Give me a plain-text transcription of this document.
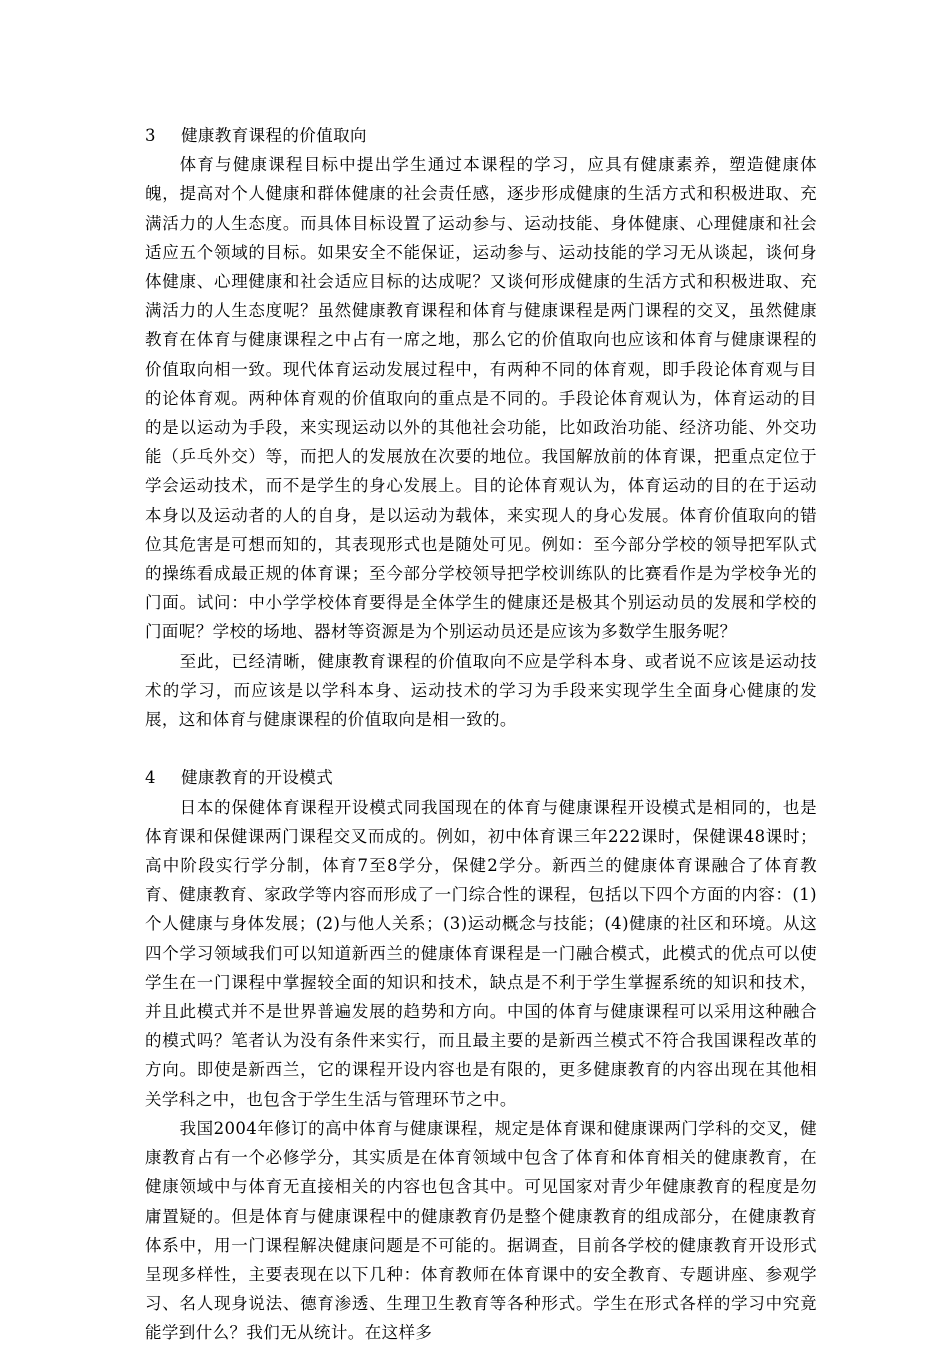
3 健康教育课程的价值取向

体育与健康课程目标中提出学生通过本课程的学习，应具有健康素养，塑造健康体魄，提高对个人健康和群体健康的社会责任感，逐步形成健康的生活方式和积极进取、充满活力的人生态度。而具体目标设置了运动参与、运动技能、身体健康、心理健康和社会适应五个领域的目标。如果安全不能保证，运动参与、运动技能的学习无从谈起，谈何身体健康、心理健康和社会适应目标的达成呢？又谈何形成健康的生活方式和积极进取、充满活力的人生态度呢？虽然健康教育课程和体育与健康课程是两门课程的交叉，虽然健康教育在体育与健康课程之中占有一席之地，那么它的价值取向也应该和体育与健康课程的价值取向相一致。现代体育运动发展过程中，有两种不同的体育观，即手段论体育观与目的论体育观。两种体育观的价值取向的重点是不同的。手段论体育观认为，体育运动的目的是以运动为手段，来实现运动以外的其他社会功能，比如政治功能、经济功能、外交功能（乒乓外交）等，而把人的发展放在次要的地位。我国解放前的体育课，把重点定位于学会运动技术，而不是学生的身心发展上。目的论体育观认为，体育运动的目的在于运动本身以及运动者的人的自身，是以运动为载体，来实现人的身心发展。体育价值取向的错位其危害是可想而知的，其表现形式也是随处可见。例如：至今部分学校的领导把军队式的操练看成最正规的体育课；至今部分学校领导把学校训练队的比赛看作是为学校争光的门面。试问：中小学学校体育要得是全体学生的健康还是极其个别运动员的发展和学校的门面呢？学校的场地、器材等资源是为个别运动员还是应该为多数学生服务呢？

至此，已经清晰，健康教育课程的价值取向不应是学科本身、或者说不应该是运动技术的学习，而应该是以学科本身、运动技术的学习为手段来实现学生全面身心健康的发展，这和体育与健康课程的价值取向是相一致的。

4 健康教育的开设模式

日本的保健体育课程开设模式同我国现在的体育与健康课程开设模式是相同的，也是体育课和保健课两门课程交叉而成的。例如，初中体育课三年222课时，保健课48课时；高中阶段实行学分制，体育7至8学分，保健2学分。新西兰的健康体育课融合了体育教育、健康教育、家政学等内容而形成了一门综合性的课程，包括以下四个方面的内容：(1)个人健康与身体发展；(2)与他人关系；(3)运动概念与技能；(4)健康的社区和环境。从这四个学习领域我们可以知道新西兰的健康体育课程是一门融合模式，此模式的优点可以使学生在一门课程中掌握较全面的知识和技术，缺点是不利于学生掌握系统的知识和技术，并且此模式并不是世界普遍发展的趋势和方向。中国的体育与健康课程可以采用这种融合的模式吗？笔者认为没有条件来实行，而且最主要的是新西兰模式不符合我国课程改革的方向。即使是新西兰，它的课程开设内容也是有限的，更多健康教育的内容出现在其他相关学科之中，也包含于学生生活与管理环节之中。

我国2004年修订的高中体育与健康课程，规定是体育课和健康课两门学科的交叉，健康教育占有一个必修学分，其实质是在体育领域中包含了体育和体育相关的健康教育，在健康领域中与体育无直接相关的内容也包含其中。可见国家对青少年健康教育的程度是勿庸置疑的。但是体育与健康课程中的健康教育仍是整个健康教育的组成部分，在健康教育体系中，用一门课程解决健康问题是不可能的。据调查，目前各学校的健康教育开设形式呈现多样性，主要表现在以下几种：体育教师在体育课中的安全教育、专题讲座、参观学习、名人现身说法、德育渗透、生理卫生教育等各种形式。学生在形式各样的学习中究竟能学到什么？我们无从统计。在这样多
